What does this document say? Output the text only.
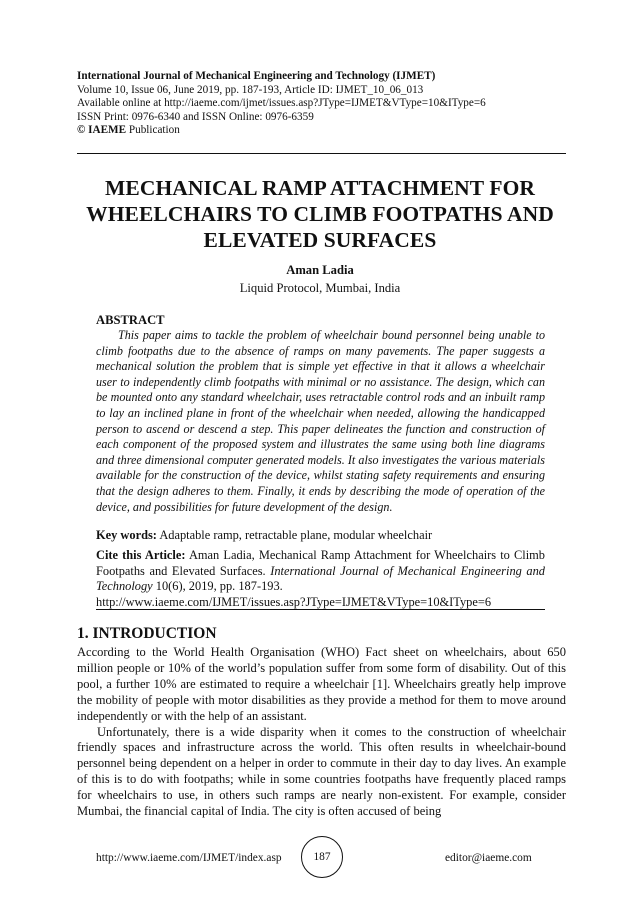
International Journal of Mechanical Engineering and Technology (IJMET)
Volume 10, Issue 06, June 2019, pp. 187-193, Article ID: IJMET_10_06_013
Available online at http://iaeme.com/ijmet/issues.asp?JType=IJMET&VType=10&IType=6
ISSN Print: 0976-6340 and ISSN Online: 0976-6359
© IAEME Publication
MECHANICAL RAMP ATTACHMENT FOR
WHEELCHAIRS TO CLIMB FOOTPATHS AND
ELEVATED SURFACES
Aman Ladia
Liquid Protocol, Mumbai, India
ABSTRACT

This paper aims to tackle the problem of wheelchair bound personnel being unable to climb footpaths due to the absence of ramps on many pavements. The paper suggests a mechanical solution the problem that is simple yet effective in that it allows a wheelchair user to independently climb footpaths with minimal or no assistance. The design, which can be mounted onto any standard wheelchair, uses retractable control rods and an inbuilt ramp to lay an inclined plane in front of the wheelchair when needed, allowing the handicapped person to ascend or descend a step. This paper delineates the function and construction of each component of the proposed system and illustrates the same using both line diagrams and three dimensional computer generated models. It also investigates the various materials available for the construction of the device, whilst stating safety requirements and ensuring that the design adheres to them. Finally, it ends by describing the mode of operation of the device, and possibilities for future development of the design.

Key words: Adaptable ramp, retractable plane, modular wheelchair

Cite this Article: Aman Ladia, Mechanical Ramp Attachment for Wheelchairs to Climb Footpaths and Elevated Surfaces. International Journal of Mechanical Engineering and Technology 10(6), 2019, pp. 187-193.
http://www.iaeme.com/IJMET/issues.asp?JType=IJMET&VType=10&IType=6

1. INTRODUCTION

According to the World Health Organisation (WHO) Fact sheet on wheelchairs, about 650 million people or 10% of the world’s population suffer from some form of disability. Out of this pool, a further 10% are estimated to require a wheelchair [1]. Wheelchairs greatly help improve the mobility of people with motor disabilities as they provide a method for them to move around independently or with the help of an assistant.

Unfortunately, there is a wide disparity when it comes to the construction of wheelchair friendly spaces and infrastructure across the world. This often results in wheelchair-bound personnel being dependent on a helper in order to commute in their day to day lives. An example of this is to do with footpaths; while in some countries footpaths have frequently placed ramps for wheelchairs to use, in others such ramps are nearly non-existent. For example, consider Mumbai, the financial capital of India. The city is often accused of being

http://www.iaeme.com/IJMET/index.asp	187	editor@iaeme.com
